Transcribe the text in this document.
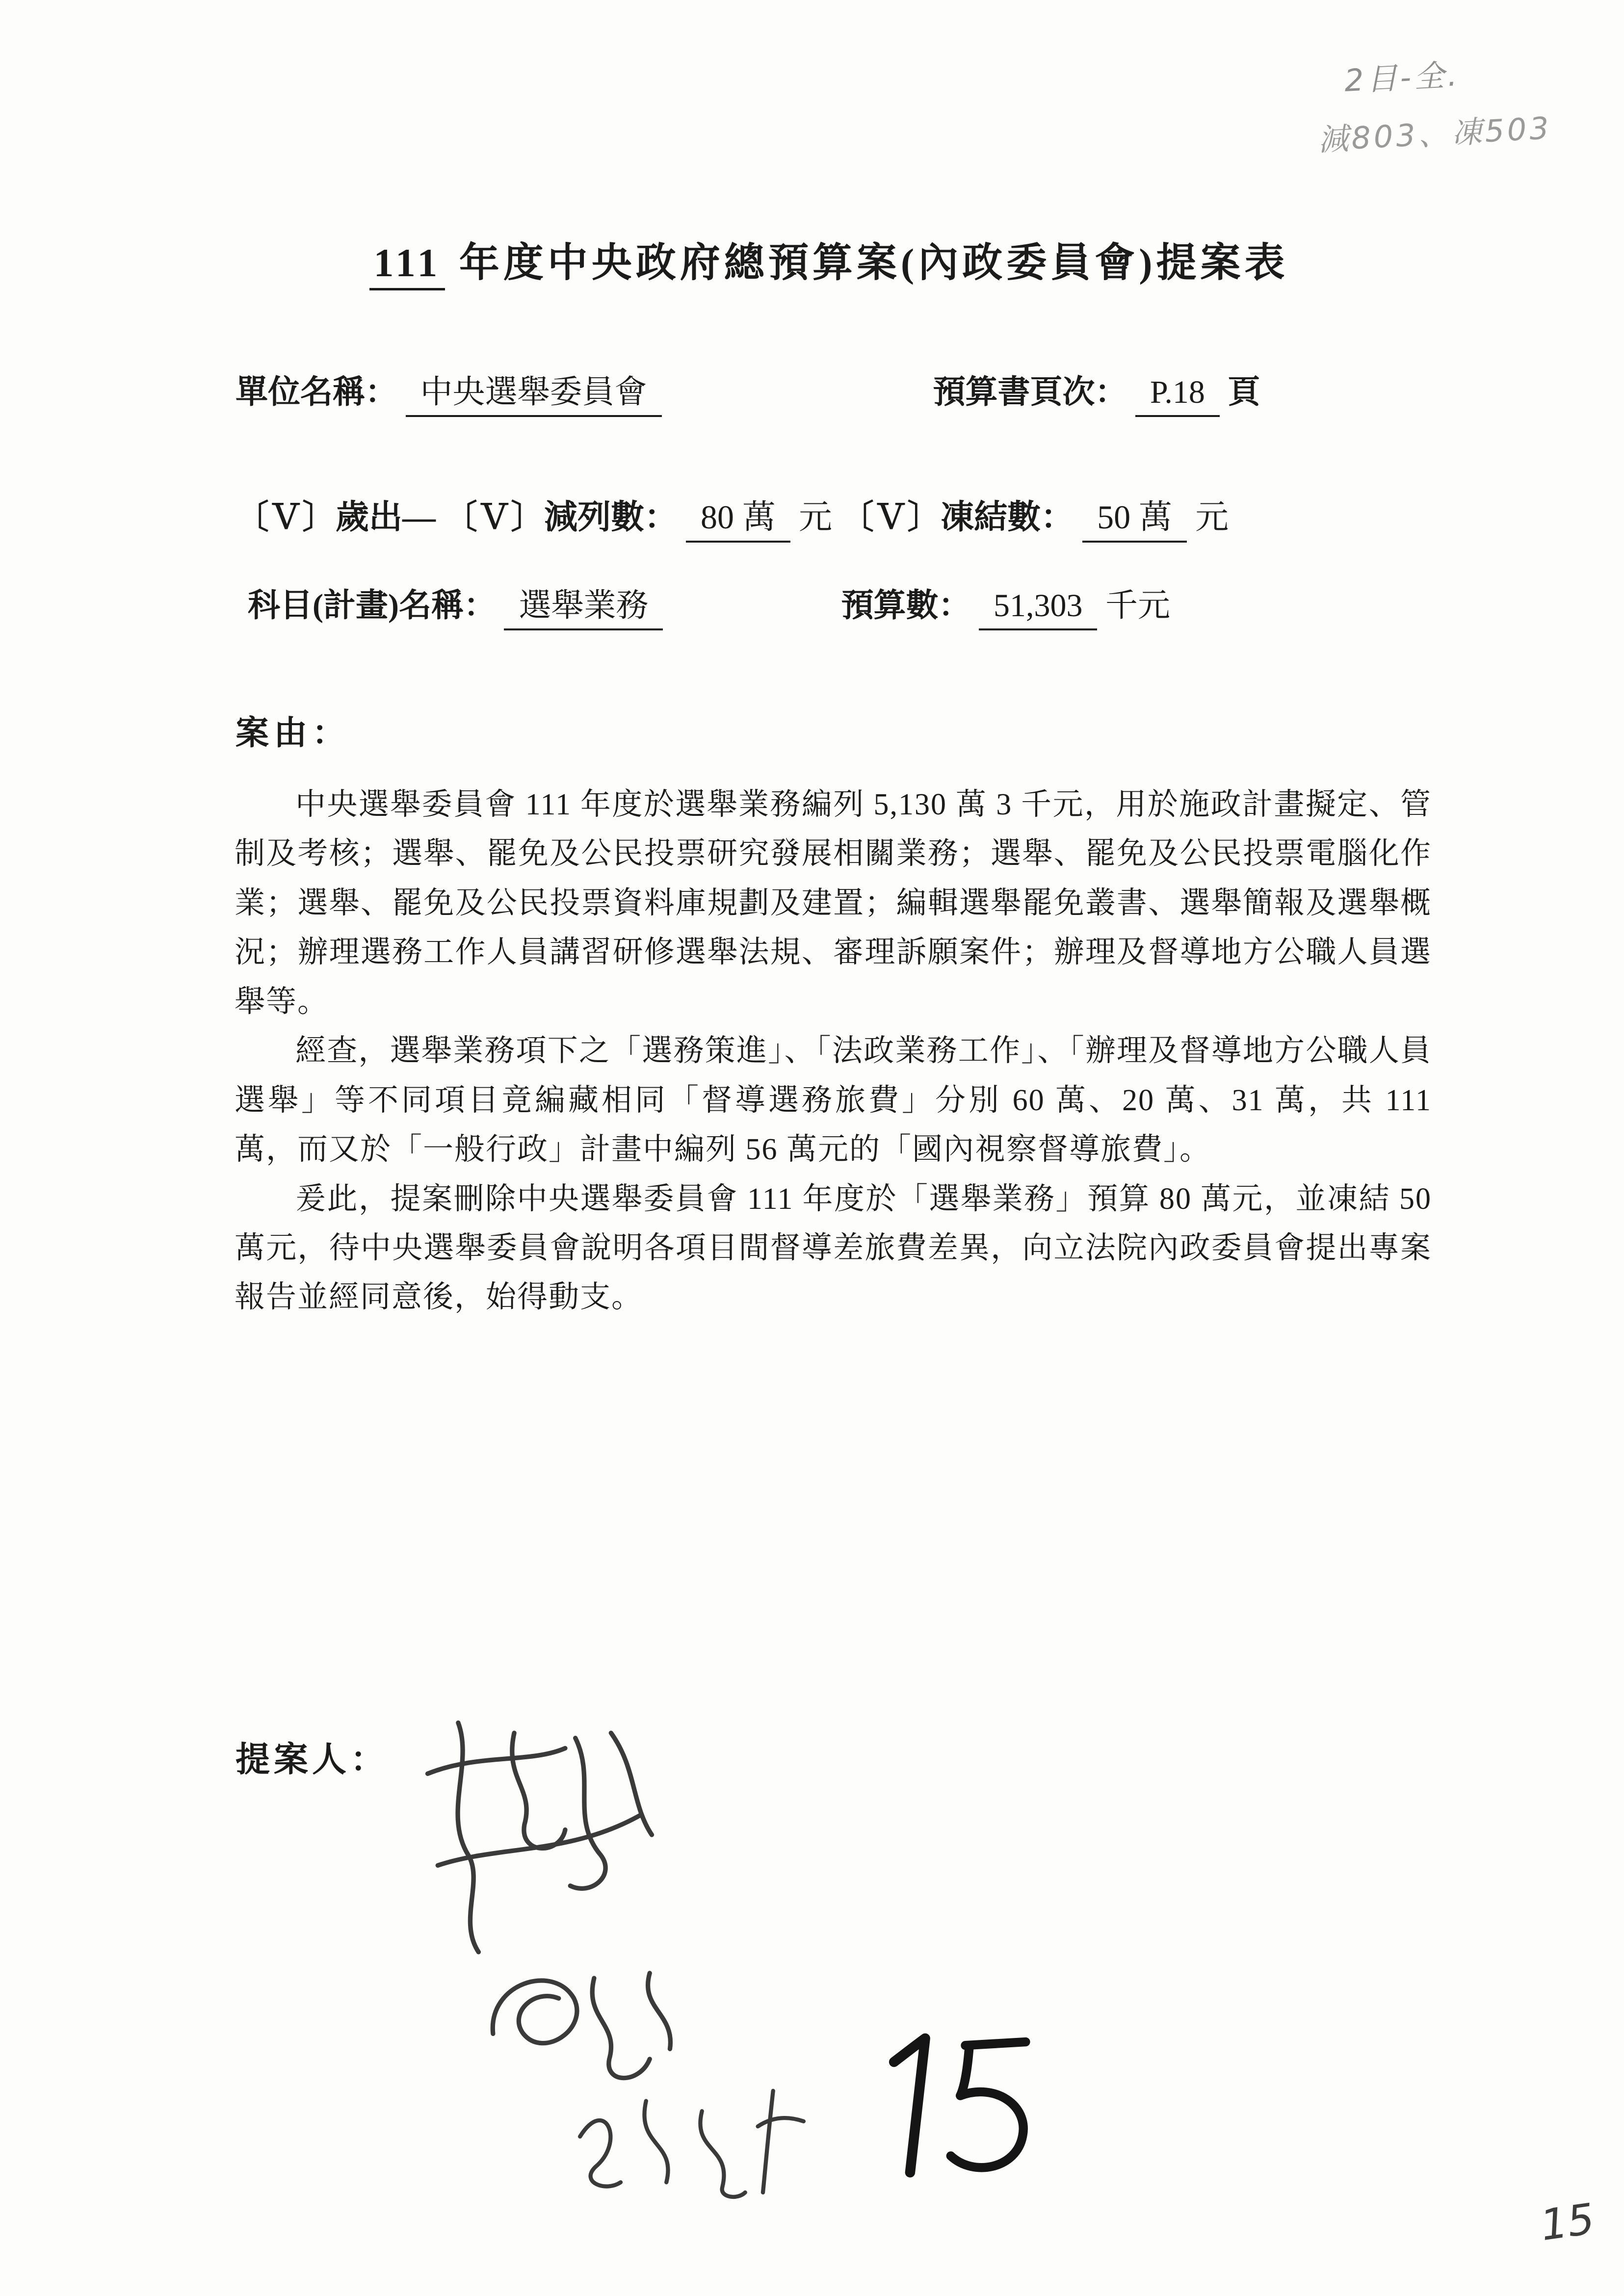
2目-全.
減803、凍503
111 年度中央政府總預算案(內政委員會)提案表
單位名稱： 中央選舉委員會	預算書頁次： P.18 頁
〔Ｖ〕歲出— 〔Ｖ〕減列數： 80 萬 元 〔Ｖ〕凍結數： 50 萬 元
科目(計畫)名稱： 選舉業務	預算數： 51,303 千元
案由：

中央選舉委員會 111 年度於選舉業務編列 5,130 萬 3 千元，用於施政計畫擬定、管制及考核；選舉、罷免及公民投票研究發展相關業務；選舉、罷免及公民投票電腦化作業；選舉、罷免及公民投票資料庫規劃及建置；編輯選舉罷免叢書、選舉簡報及選舉概況；辦理選務工作人員講習研修選舉法規、審理訴願案件；辦理及督導地方公職人員選舉等。

經查，選舉業務項下之「選務策進」、「法政業務工作」、「辦理及督導地方公職人員選舉」等不同項目竟編藏相同「督導選務旅費」分別 60 萬、20 萬、31 萬，共 111 萬，而又於「一般行政」計畫中編列 56 萬元的「國內視察督導旅費」。

爰此，提案刪除中央選舉委員會 111 年度於「選舉業務」預算 80 萬元，並凍結 50 萬元，待中央選舉委員會說明各項目間督導差旅費差異，向立法院內政委員會提出專案報告並經同意後，始得動支。

提案人：
15
